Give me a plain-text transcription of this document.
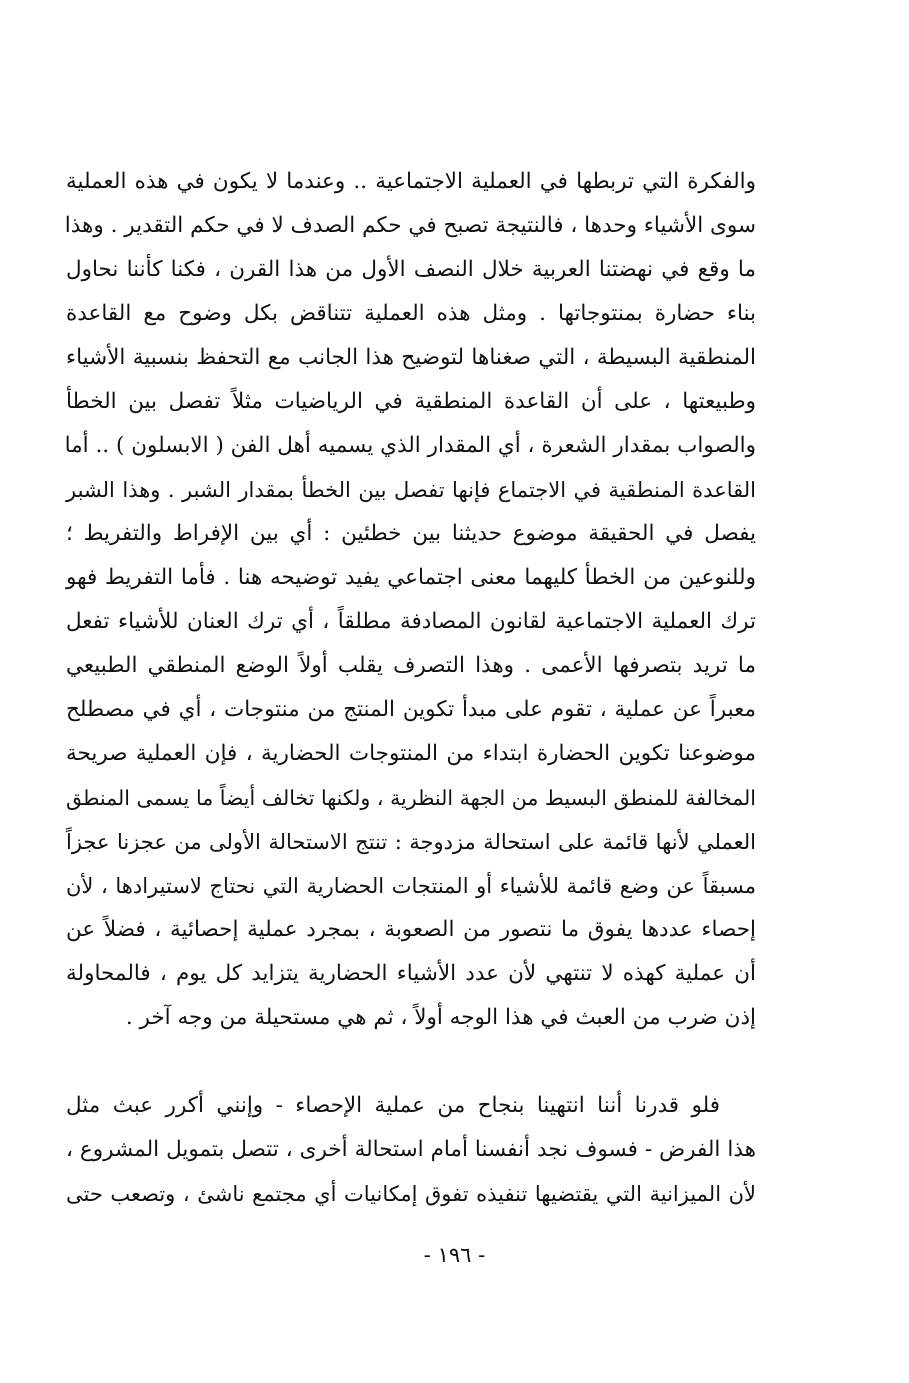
والفكرة التي تربطها في العملية الاجتماعية .. وعندما لا يكون في هذه العملية
سوى الأشياء وحدها ، فالنتيجة تصبح في حكم الصدف لا في حكم التقدير . وهذا
ما وقع في نهضتنا العربية خلال النصف الأول من هذا القرن ، فكنا كأننا نحاول
بناء حضارة بمنتوجاتها . ومثل هذه العملية تتناقض بكل وضوح مع القاعدة
المنطقية البسيطة ، التي صغناها لتوضيح هذا الجانب مع التحفظ بنسبية الأشياء
وطبيعتها ، على أن القاعدة المنطقية في الرياضيات مثلاً تفصل بين الخطأ
والصواب بمقدار الشعرة ، أي المقدار الذي يسميه أهل الفن ( الابسلون ) .. أما
القاعدة المنطقية في الاجتماع فإنها تفصل بين الخطأ بمقدار الشبر . وهذا الشبر
يفصل في الحقيقة موضوع حديثنا بين خطئين : أي بين الإفراط والتفريط ؛
وللنوعين من الخطأ كليهما معنى اجتماعي يفيد توضيحه هنا . فأما التفريط فهو
ترك العملية الاجتماعية لقانون المصادفة مطلقاً ، أي ترك العنان للأشياء تفعل
ما تريد بتصرفها الأعمى . وهذا التصرف يقلب أولاً الوضع المنطقي الطبيعي
معبراً عن عملية ، تقوم على مبدأ تكوين المنتج من منتوجات ، أي في مصطلح
موضوعنا تكوين الحضارة ابتداء من المنتوجات الحضارية ، فإن العملية صريحة
المخالفة للمنطق البسيط من الجهة النظرية ، ولكنها تخالف أيضاً ما يسمى المنطق
العملي لأنها قائمة على استحالة مزدوجة : تنتج الاستحالة الأولى من عجزنا عجزاً
مسبقاً عن وضع قائمة للأشياء أو المنتجات الحضارية التي نحتاج لاستيرادها ، لأن
إحصاء عددها يفوق ما نتصور من الصعوبة ، بمجرد عملية إحصائية ، فضلاً عن
أن عملية كهذه لا تنتهي لأن عدد الأشياء الحضارية يتزايد كل يوم ، فالمحاولة
إذن ضرب من العبث في هذا الوجه أولاً ، ثم هي مستحيلة من وجه آخر .
فلو قدرنا أننا انتهينا بنجاح من عملية الإحصاء - وإنني أكرر عبث مثل
هذا الفرض - فسوف نجد أنفسنا أمام استحالة أخرى ، تتصل بتمويل المشروع ،
لأن الميزانية التي يقتضيها تنفيذه تفوق إمكانيات أي مجتمع ناشئ ، وتصعب حتى
- ١٩٦ -
